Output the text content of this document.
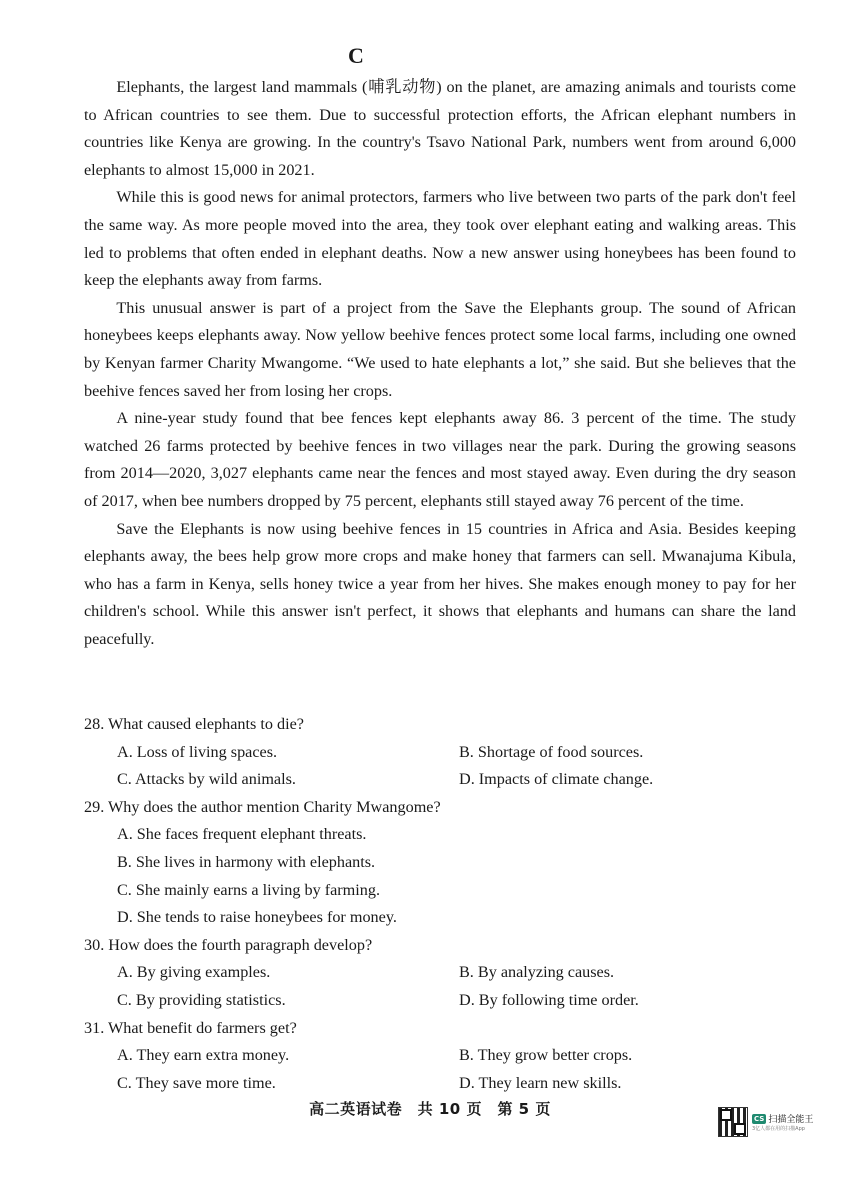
C

Elephants, the largest land mammals (哺乳动物) on the planet, are amazing animals and tourists come to African countries to see them. Due to successful protection efforts, the African elephant numbers in countries like Kenya are growing. In the country's Tsavo National Park, numbers went from around 6,000 elephants to almost 15,000 in 2021.

While this is good news for animal protectors, farmers who live between two parts of the park don't feel the same way. As more people moved into the area, they took over elephant eating and walking areas. This led to problems that often ended in elephant deaths. Now a new answer using honeybees has been found to keep the elephants away from farms.

This unusual answer is part of a project from the Save the Elephants group. The sound of African honeybees keeps elephants away. Now yellow beehive fences protect some local farms, including one owned by Kenyan farmer Charity Mwangome. “We used to hate elephants a lot,” she said. But she believes that the beehive fences saved her from losing her crops.

A nine-year study found that bee fences kept elephants away 86. 3 percent of the time. The study watched 26 farms protected by beehive fences in two villages near the park. During the growing seasons from 2014—2020, 3,027 elephants came near the fences and most stayed away. Even during the dry season of 2017, when bee numbers dropped by 75 percent, elephants still stayed away 76 percent of the time.

Save the Elephants is now using beehive fences in 15 countries in Africa and Asia. Besides keeping elephants away, the bees help grow more crops and make honey that farmers can sell. Mwanajuma Kibula, who has a farm in Kenya, sells honey twice a year from her hives. She makes enough money to pay for her children's school. While this answer isn't perfect, it shows that elephants and humans can share the land peacefully.

28. What caused elephants to die?

A. Loss of living spaces.	B. Shortage of food sources.

C. Attacks by wild animals.	D. Impacts of climate change.

29. Why does the author mention Charity Mwangome?

A. She faces frequent elephant threats.

B. She lives in harmony with elephants.

C. She mainly earns a living by farming.

D. She tends to raise honeybees for money.

30. How does the fourth paragraph develop?

A. By giving examples.	B. By analyzing causes.

C. By providing statistics.	D. By following time order.

31. What benefit do farmers get?

A. They earn extra money.	B. They grow better crops.

C. They save more time.	D. They learn new skills.

高二英语试卷　共 10 页　第 5 页
CS 扫描全能王
3亿人都在用的扫描App
